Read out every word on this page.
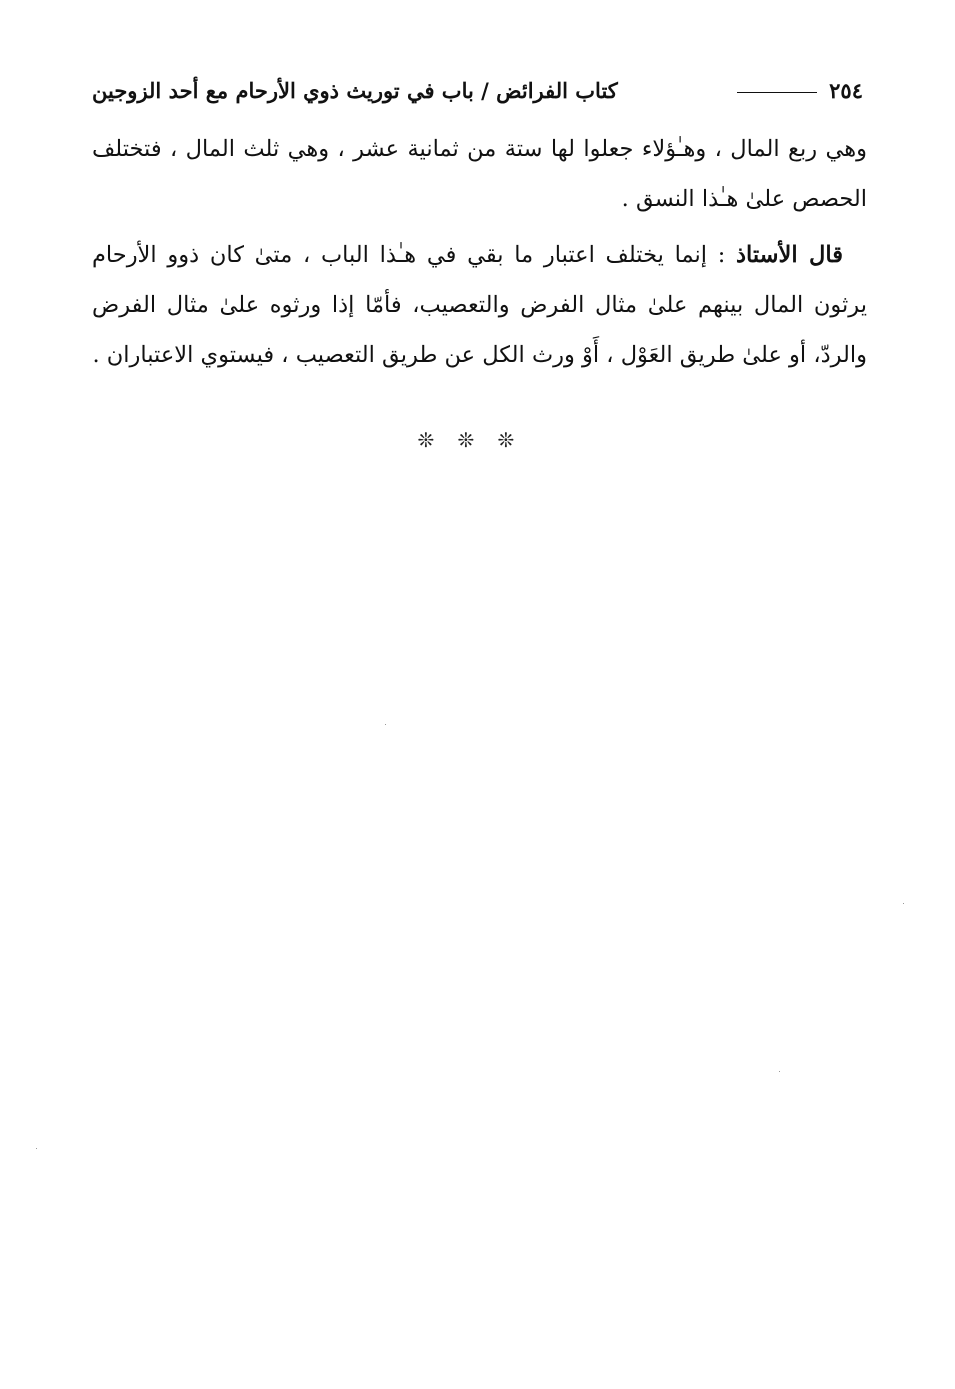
٢٥٤
كتاب الفرائض / باب في توريث ذوي الأرحام مع أحد الزوجين

وهي ربع المال ، وهـٰؤلاء جعلوا لها ستة من ثمانية عشر ، وهي ثلث المال ، فتختلف الحصص علىٰ هـٰذا النسق .

قال الأستاذ : إنما يختلف اعتبار ما بقي في هـٰذا الباب ، متىٰ كان ذوو الأرحام يرثون المال بينهم علىٰ مثال الفرض والتعصيب، فأمّا إذا ورثوه علىٰ مثال الفرض والردّ، أو علىٰ طريق العَوْل ، أَوْ ورث الكل عن طريق التعصيب ، فيستوي الاعتباران .

❊❊❊
